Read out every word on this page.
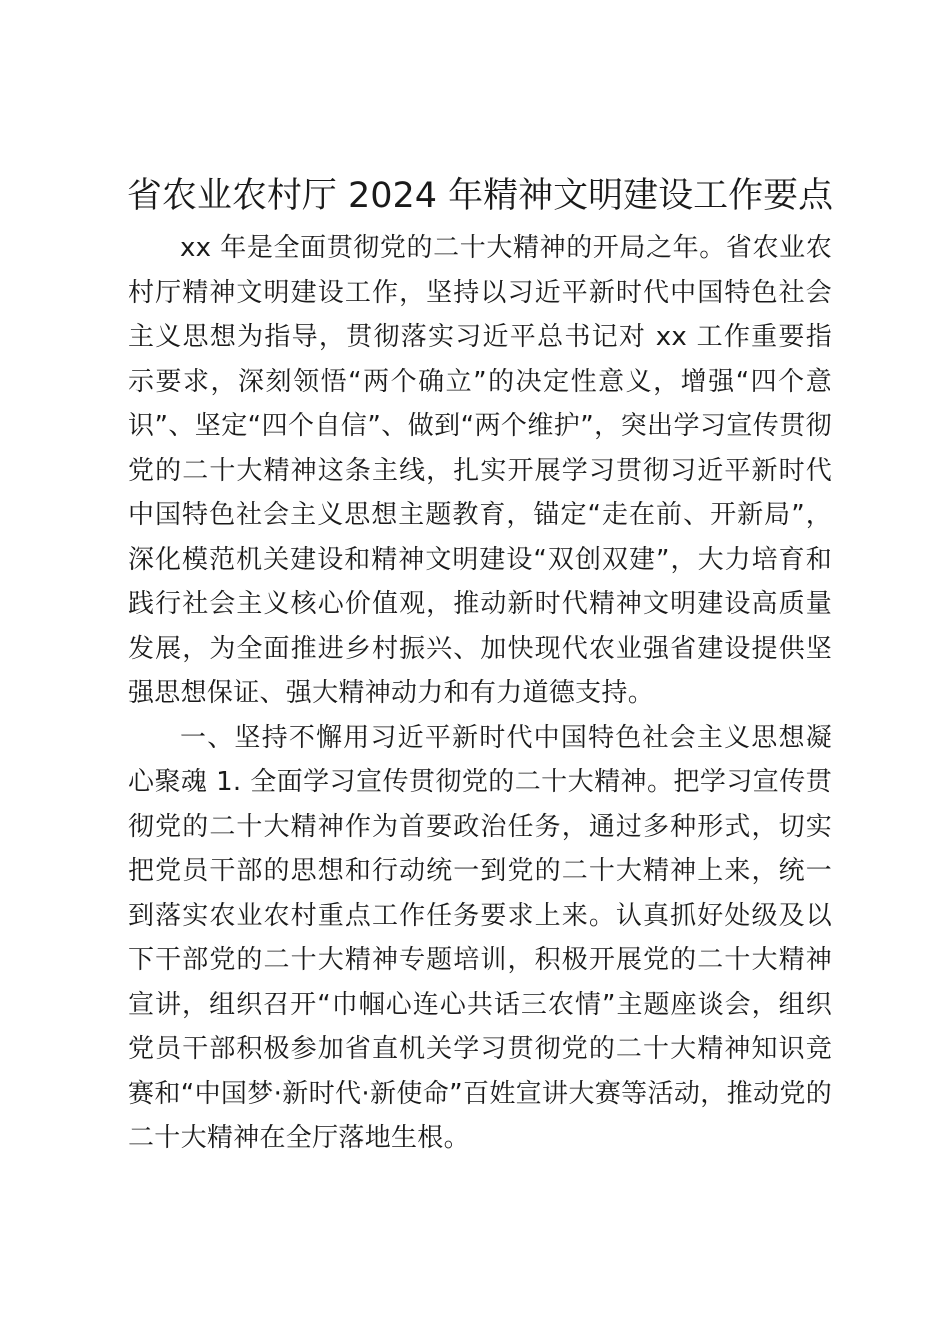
省农业农村厅 2024 年精神文明建设工作要点

xx 年是全面贯彻党的二十大精神的开局之年。省农业农村厅精神文明建设工作，坚持以习近平新时代中国特色社会主义思想为指导，贯彻落实习近平总书记对 xx 工作重要指示要求，深刻领悟“两个确立”的决定性意义，增强“四个意识”、坚定“四个自信”、做到“两个维护”，突出学习宣传贯彻党的二十大精神这条主线，扎实开展学习贯彻习近平新时代中国特色社会主义思想主题教育，锚定“走在前、开新局”，深化模范机关建设和精神文明建设“双创双建”，大力培育和践行社会主义核心价值观，推动新时代精神文明建设高质量发展，为全面推进乡村振兴、加快现代农业强省建设提供坚强思想保证、强大精神动力和有力道德支持。

一、坚持不懈用习近平新时代中国特色社会主义思想凝心聚魂 1. 全面学习宣传贯彻党的二十大精神。把学习宣传贯彻党的二十大精神作为首要政治任务，通过多种形式，切实把党员干部的思想和行动统一到党的二十大精神上来，统一到落实农业农村重点工作任务要求上来。认真抓好处级及以下干部党的二十大精神专题培训，积极开展党的二十大精神宣讲，组织召开“巾帼心连心共话三农情”主题座谈会，组织党员干部积极参加省直机关学习贯彻党的二十大精神知识竞赛和“中国梦·新时代·新使命”百姓宣讲大赛等活动，推动党的二十大精神在全厅落地生根。
